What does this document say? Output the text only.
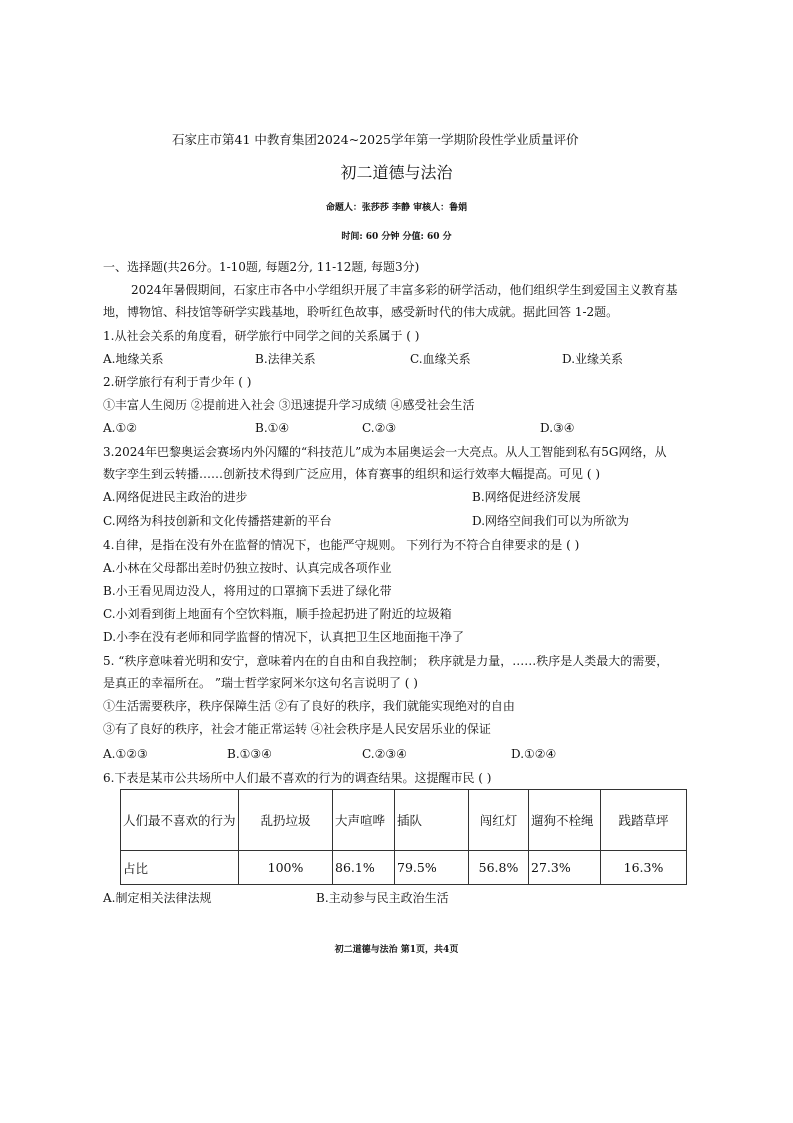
石家庄市第41 中教育集团2024~2025学年第一学期阶段性学业质量评价
初二道德与法治
命题人：张莎莎 李静 审核人：鲁娟
时间: 60 分钟 分值: 60 分
一、选择题(共26分。1-10题, 每题2分, 11-12题, 每题3分)
2024年暑假期间，石家庄市各中小学组织开展了丰富多彩的研学活动，他们组织学生到爱国主义教育基
地，博物馆、科技馆等研学实践基地，聆听红色故事，感受新时代的伟大成就。据此回答 1-2题。
1.从社会关系的角度看，研学旅行中同学之间的关系属于 ( )
A.地缘关系	B.法律关系	C.血缘关系	D.业缘关系
2.研学旅行有利于青少年 ( )
①丰富人生阅历 ②提前进入社会 ③迅速提升学习成绩 ④感受社会生活
A.①②	B.①④	C.②③	D.③④
3.2024年巴黎奥运会赛场内外闪耀的“科技范儿”成为本届奥运会一大亮点。从人工智能到私有5G网络，从
数字孪生到云转播……创新技术得到广泛应用，体育赛事的组织和运行效率大幅提高。可见 ( )
A.网络促进民主政治的进步	B.网络促进经济发展
C.网络为科技创新和文化传播搭建新的平台	D.网络空间我们可以为所欲为
4.自律，是指在没有外在监督的情况下，也能严守规则。 下列行为不符合自律要求的是 ( )
A.小林在父母都出差时仍独立按时、认真完成各项作业
B.小王看见周边没人，将用过的口罩摘下丢进了绿化带
C.小刘看到街上地面有个空饮料瓶，顺手捡起扔进了附近的垃圾箱
D.小李在没有老师和同学监督的情况下，认真把卫生区地面拖干净了
5. “秩序意味着光明和安宁，意味着内在的自由和自我控制； 秩序就是力量，……秩序是人类最大的需要，
是真正的幸福所在。 ”瑞士哲学家阿米尔这句名言说明了 ( )
①生活需要秩序，秩序保障生活 ②有了良好的秩序，我们就能实现绝对的自由
③有了良好的秩序，社会才能正常运转 ④社会秩序是人民安居乐业的保证
A.①②③	B.①③④	C.②③④	D.①②④
6.下表是某市公共场所中人们最不喜欢的行为的调查结果。这提醒市民 ( )
人们最不喜欢的行为	乱扔垃圾	大声喧哗	插队	闯红灯	遛狗不栓绳	践踏草坪
占比	100%	86.1%	79.5%	56.8%	27.3%	16.3%
A.制定相关法律法规	B.主动参与民主政治生活
初二道德与法治 第1页，共4页
